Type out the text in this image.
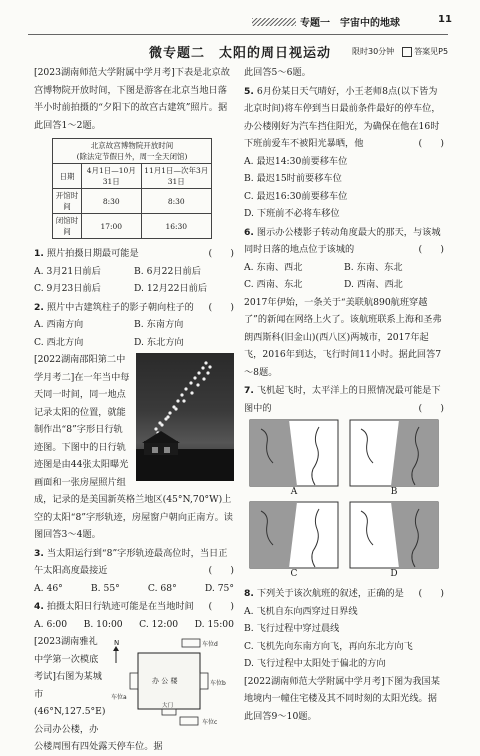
专题一　宇宙中的地球	11
微专题二　太阳的周日视运动	限时30分钟　	答案见P5

[2023湖南师范大学附属中学月考]下表是北京故宫博物院开放时间，下图是游客在北京当地日落半小时前拍摄的“夕阳下的故宫古建筑”照片。据此回答1～2题。

北京故宫博物院开放时间
(除法定节假日外，周一全天闭馆)		
日期	4月1日—10月31日	11月1日—次年3月31日
开馆时间	8:30	8:30
闭馆时间	17:00	16:30

1. 照片拍摄日期最可能是	(　　)

A. 3月21日前后	B. 6月22日前后
C. 9月23日前后	D. 12月22日前后

2. 照片中古建筑柱子的影子朝向柱子的 (　　)

A. 西南方向	B. 东南方向
C. 西北方向	D. 东北方向

[2022湖南邵阳第二中学月考二]在一年当中每天同一时间，同一地点记录太阳的位置，就能制作出“8”字形日行轨迹图。下图中的日行轨迹图是由44张太阳曝光画面和一张房屋照片组成，记录的是美国新英格兰地区(45°N,70°W)上空的太阳“8”字形轨迹，房屋窗户朝向正南方。读图回答3～4题。

3. 当太阳运行到“8”字形轨迹最高位时，当日正午太阳高度最接近	(　　)

A. 46°	B. 55°	C. 68°	D. 75°

4. 拍摄太阳日行轨迹可能是在当地时间 (　　)

A. 6:00 B. 10:00 C. 12:00 D. 15:00
N	车位d
办 公 楼
车位a
车位b
大门
车位c

[2023湖南雅礼中学第一次模底考试]右图为某城市(46°N,127.5°E)公司办公楼，办公楼周围有四处露天停车位。据

此回答5～6题。

5. 6月份某日天气晴好，小王老师8点(以下皆为北京时间)将车停到当日最前条件最好的停车位，办公楼刚好为汽车挡住阳光，为确保在他在16时下班前爱车不被阳光暴晒，他	(　　)

A. 最迟14:30前要移车位

B. 最迟15时前要移车位

C. 最迟16:30前要移车位

D. 下班前不必将车移位

6. 图示办公楼影子转动角度最大的那天，与该城同时日落的地点位于该城的	(　　)

A. 东南、西北	B. 东南、东北
C. 西南、东北	D. 西南、西北

2017年伊始，一条关于“美联航890航班穿越了”的新闻在网络上火了。该航班联系上海和圣弗朗西斯科(旧金山)(西八区)两城市，2017年起飞，2016年到达，飞行时间11小时。据此回答7～8题。

7. 飞机起飞时，太平洋上的日照情况最可能是下图中的	(　　)

A	B
C	D

8. 下列关于该次航班的叙述，正确的是 (　　)

A. 飞机自东向西穿过日界线

B. 飞行过程中穿过晨线

C. 飞机先向东南方向飞，再向东北方向飞

D. 飞行过程中太阳处于偏北的方向

[2022湖南师范大学附属中学月考]下图为我国某地境内一幢住宅楼及其不同时刻的太阳光线。据此回答9～10题。
